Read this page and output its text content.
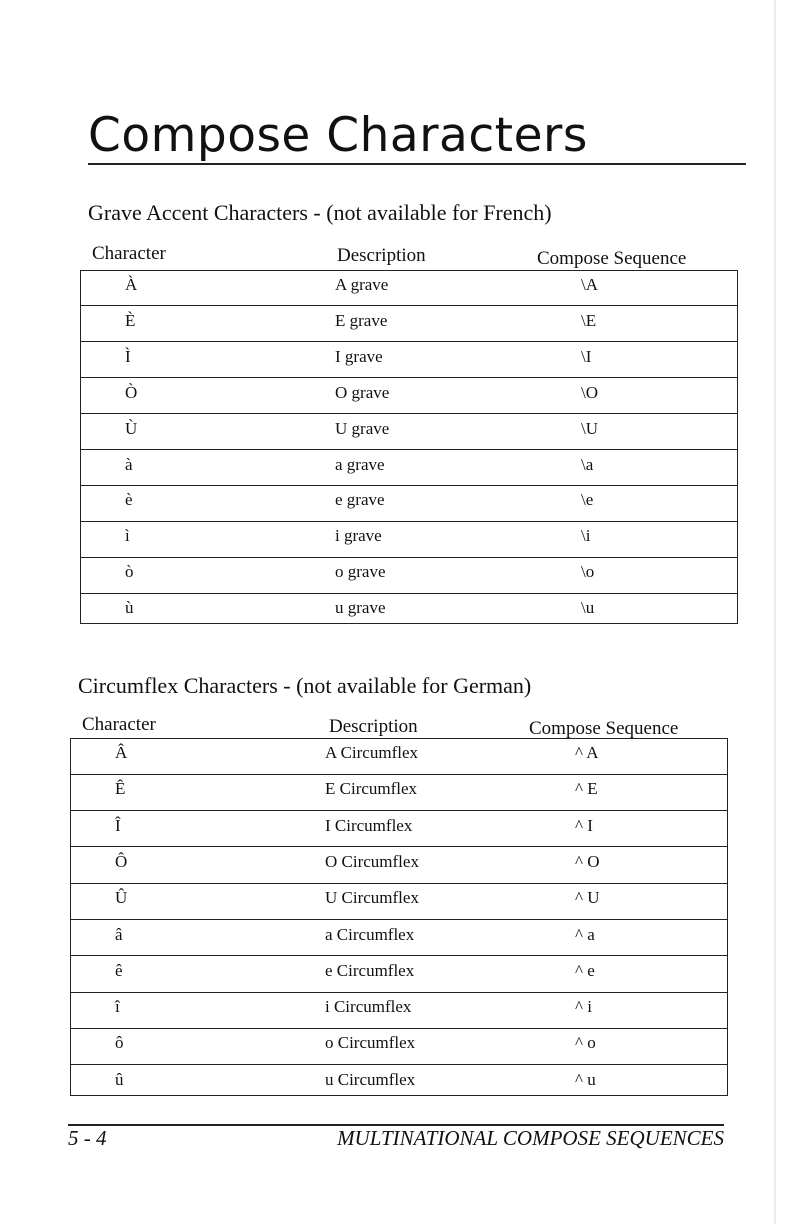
Compose Characters
Grave Accent Characters - (not available for French)
Character	Description	Compose Sequence
À	A grave	\A
È	E grave	\E
Ì	I grave	\I
Ò	O grave	\O
Ù	U grave	\U
à	a grave	\a
è	e grave	\e
ì	i grave	\i
ò	o grave	\o
ù	u grave	\u
Circumflex Characters - (not available for German)
Character	Description	Compose Sequence
Â	A Circumflex	^ A
Ê	E Circumflex	^ E
Î	I Circumflex	^ I
Ô	O Circumflex	^ O
Û	U Circumflex	^ U
â	a Circumflex	^ a
ê	e Circumflex	^ e
î	i Circumflex	^ i
ô	o Circumflex	^ o
û	u Circumflex	^ u
5 - 4	MULTINATIONAL COMPOSE SEQUENCES
